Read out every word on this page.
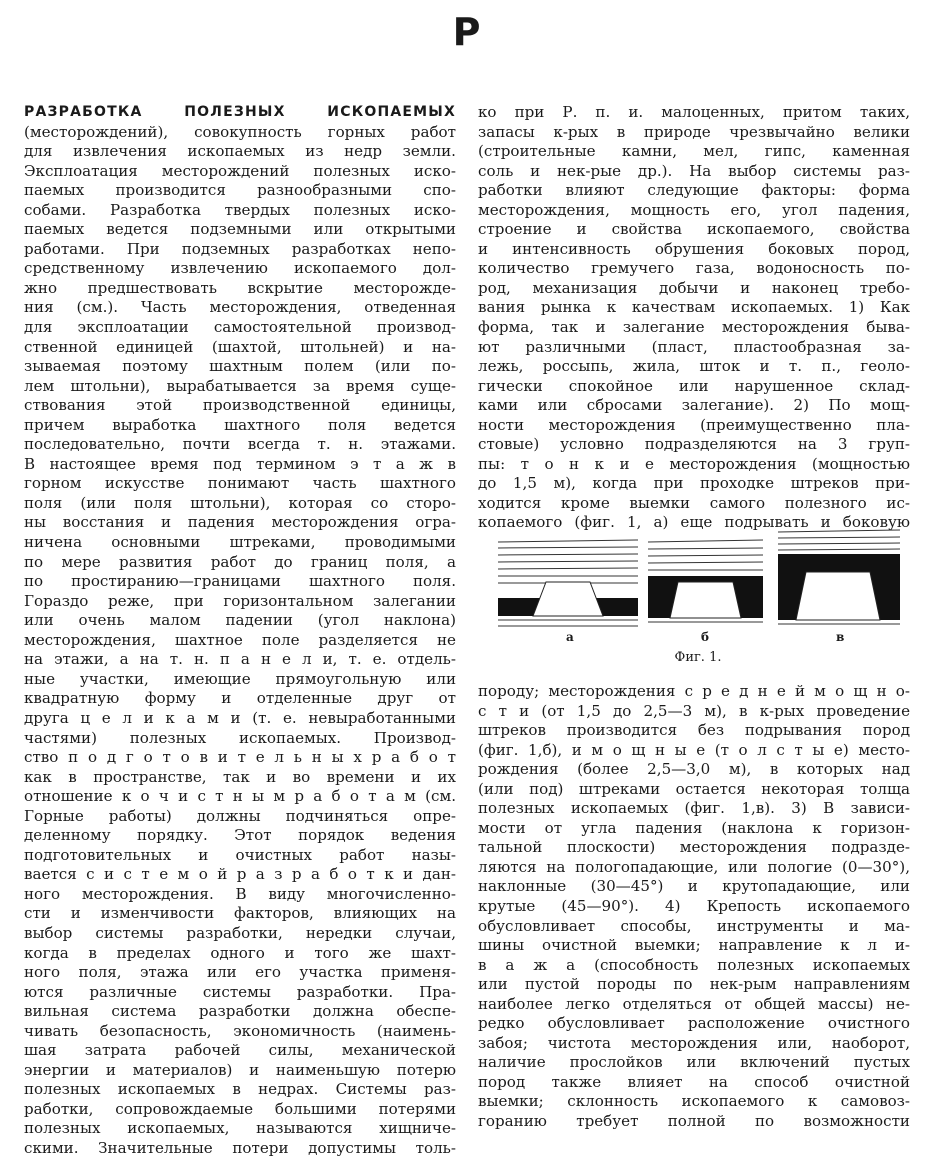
Р
РАЗРАБОТКА ПОЛЕЗНЫХ ИСКОПАЕМЫХ
(месторождений), совокупность горных работ
для извлечения ископаемых из недр земли.
Эксплоатация месторождений полезных иско-
паемых производится разнообразными спо-
собами. Разработка твердых полезных иско-
паемых ведется подземными или открытыми
работами. При подземных разработках непо-
средственному извлечению ископаемого дол-
жно предшествовать вскрытие месторожде-
ния (см.). Часть месторождения, отведенная
для эксплоатации самостоятельной производ-
ственной единицей (шахтой, штольней) и на-
зываемая поэтому шахтным полем (или по-
лем штольни), вырабатывается за время суще-
ствования этой производственной единицы,
причем выработка шахтного поля ведется
последовательно, почти всегда т. н. этажами.
В настоящее время под термином э т а ж в
горном искусстве понимают часть шахтного
поля (или поля штольни), которая со сторо-
ны восстания и падения месторождения огра-
ничена основными штреками, проводимыми
по мере развития работ до границ поля, а
по простиранию—границами шахтного поля.
Гораздо реже, при горизонтальном залегании
или очень малом падении (угол наклона)
месторождения, шахтное поле разделяется не
на этажи, а на т. н. п а н е л и, т. е. отдель-
ные участки, имеющие прямоугольную или
квадратную форму и отделенные друг от
друга ц е л и к а м и (т. е. невыработанными
частями) полезных ископаемых. Производ-
ство п о д г о т о в и т е л ь н ы х р а б о т
как в пространстве, так и во времени и их
отношение к о ч и с т н ы м р а б о т а м (см.
Горные работы) должны подчиняться опре-
деленному порядку. Этот порядок ведения
подготовительных и очистных работ назы-
вается с и с т е м о й р а з р а б о т к и дан-
ного месторождения. В виду многочисленно-
сти и изменчивости факторов, влияющих на
выбор системы разработки, нередки случаи,
когда в пределах одного и того же шахт-
ного поля, этажа или его участка применя-
ются различные системы разработки. Пра-
вильная система разработки должна обеспе-
чивать безопасность, экономичность (наимень-
шая затрата рабочей силы, механической
энергии и материалов) и наименьшую потерю
полезных ископаемых в недрах. Системы раз-
работки, сопровождаемые большими потерями
полезных ископаемых, называются хищниче-
скими. Значительные потери допустимы толь-
ко при Р. п. и. малоценных, притом таких,
запасы к-рых в природе чрезвычайно велики
(строительные камни, мел, гипс, каменная
соль и нек-рые др.). На выбор системы раз-
работки влияют следующие факторы: форма
месторождения, мощность его, угол падения,
строение и свойства ископаемого, свойства
и интенсивность обрушения боковых пород,
количество гремучего газа, водоносность по-
род, механизация добычи и наконец требо-
вания рынка к качествам ископаемых. 1) Как
форма, так и залегание месторождения быва-
ют различными (пласт, пластообразная за-
лежь, россыпь, жила, шток и т. п., геоло-
гически спокойное или нарушенное склад-
ками или сбросами залегание). 2) По мощ-
ности месторождения (преимущественно пла-
стовые) условно подразделяются на 3 груп-
пы: т о н к и е месторождения (мощностью
до 1,5 м), когда при проходке штреков при-
ходится кроме выемки самого полезного ис-
копаемого (фиг. 1, а) еще подрывать и боковую
а	б	в
Фиг. 1.
породу; месторождения с р е д н е й м о щ н о-
с т и (от 1,5 до 2,5—3 м), в к-рых проведение
штреков производится без подрывания пород
(фиг. 1,б), и м о щ н ы е (т о л с т ы е) место-
рождения (более 2,5—3,0 м), в которых над
(или под) штреками остается некоторая толща
полезных ископаемых (фиг. 1,в). 3) В зависи-
мости от угла падения (наклона к горизон-
тальной плоскости) месторождения подразде-
ляются на пологопадающие, или пологие (0—30°),
наклонные (30—45°) и крутопадающие, или
крутые (45—90°). 4) Крепость ископаемого
обусловливает способы, инструменты и ма-
шины очистной выемки; направление к л и-
в а ж а (способность полезных ископаемых
или пустой породы по нек-рым направлениям
наиболее легко отделяться от общей массы) не-
редко обусловливает расположение очистного
забоя; чистота месторождения или, наоборот,
наличие прослойков или включений пустых
пород также влияет на способ очистной
выемки; склонность ископаемого к самовоз-
горанию требует полной по возможности
